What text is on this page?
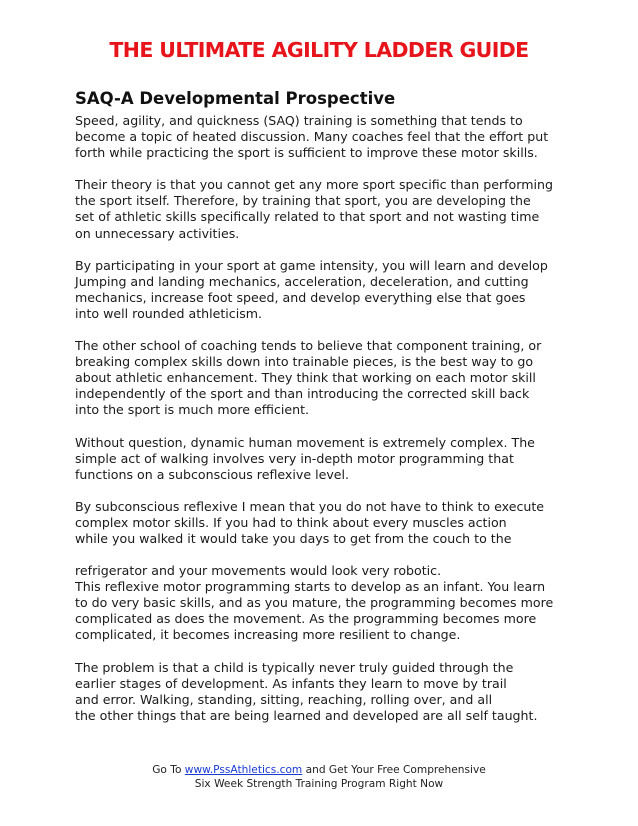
THE ULTIMATE AGILITY LADDER GUIDE
SAQ-A Developmental Prospective

Speed, agility, and quickness (SAQ) training is something that tends to
become a topic of heated discussion. Many coaches feel that the effort put
forth while practicing the sport is sufficient to improve these motor skills.

Their theory is that you cannot get any more sport specific than performing
the sport itself. Therefore, by training that sport, you are developing the
set of athletic skills specifically related to that sport and not wasting time
on unnecessary activities.

By participating in your sport at game intensity, you will learn and develop
Jumping and landing mechanics, acceleration, deceleration, and cutting
mechanics, increase foot speed, and develop everything else that goes
into well rounded athleticism.

The other school of coaching tends to believe that component training, or
breaking complex skills down into trainable pieces, is the best way to go
about athletic enhancement. They think that working on each motor skill
independently of the sport and than introducing the corrected skill back
into the sport is much more efficient.

Without question, dynamic human movement is extremely complex. The
simple act of walking involves very in-depth motor programming that
functions on a subconscious reflexive level.

By subconscious reflexive I mean that you do not have to think to execute
complex motor skills. If you had to think about every muscles action
while you walked it would take you days to get from the couch to the

refrigerator and your movements would look very robotic.
This reflexive motor programming starts to develop as an infant. You learn
to do very basic skills, and as you mature, the programming becomes more
complicated as does the movement. As the programming becomes more
complicated, it becomes increasing more resilient to change.

The problem is that a child is typically never truly guided through the
earlier stages of development. As infants they learn to move by trail
and error. Walking, standing, sitting, reaching, rolling over, and all
the other things that are being learned and developed are all self taught.

Go To www.PssAthletics.com and Get Your Free Comprehensive
Six Week Strength Training Program Right Now
